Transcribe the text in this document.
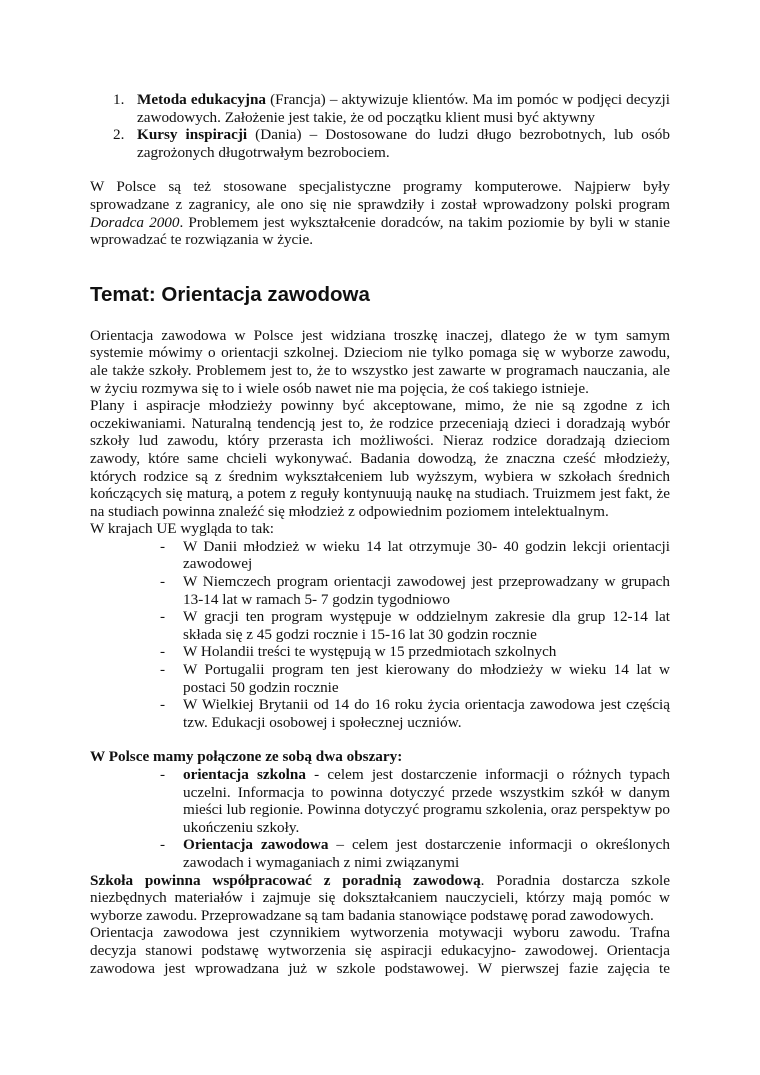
1. Metoda edukacyjna (Francja) – aktywizuje klientów. Ma im pomóc w podjęci decyzji zawodowych. Założenie jest takie, że od początku klient musi być aktywny
2. Kursy inspiracji (Dania) – Dostosowane do ludzi długo bezrobotnych, lub osób zagrożonych długotrwałym bezrobociem.

W Polsce są też stosowane specjalistyczne programy komputerowe. Najpierw były sprowadzane z zagranicy, ale ono się nie sprawdziły i został wprowadzony polski program Doradca 2000. Problemem jest wykształcenie doradców, na takim poziomie by byli w stanie wprowadzać te rozwiązania w życie.

Temat: Orientacja zawodowa

Orientacja zawodowa w Polsce jest widziana troszkę inaczej, dlatego że w tym samym systemie mówimy o orientacji szkolnej. Dzieciom nie tylko pomaga się w wyborze zawodu, ale także szkoły. Problemem jest to, że to wszystko jest zawarte w programach nauczania, ale w życiu rozmywa się to i wiele osób nawet nie ma pojęcia, że coś takiego istnieje.

Plany i aspiracje młodzieży powinny być akceptowane, mimo, że nie są zgodne z ich oczekiwaniami. Naturalną tendencją jest to, że rodzice przeceniają dzieci i doradzają wybór szkoły lud zawodu, który przerasta ich możliwości. Nieraz rodzice doradzają dzieciom zawody, które same chcieli wykonywać. Badania dowodzą, że znaczna cześć młodzieży, których rodzice są z średnim wykształceniem lub wyższym, wybiera w szkołach średnich kończących się maturą, a potem z reguły kontynuują naukę na studiach. Truizmem jest fakt, że na studiach powinna znaleźć się młodzież z odpowiednim poziomem intelektualnym.

W krajach UE wygląda to tak:

- W Danii młodzież w wieku 14 lat otrzymuje 30- 40 godzin lekcji orientacji zawodowej
- W Niemczech program orientacji zawodowej jest przeprowadzany w grupach 13-14 lat w ramach 5- 7 godzin tygodniowo
- W gracji ten program występuje w oddzielnym zakresie dla grup 12-14 lat składa się z 45 godzi rocznie i 15-16 lat 30 godzin rocznie
- W Holandii treści te występują w 15 przedmiotach szkolnych
- W Portugalii program ten jest kierowany do młodzieży w wieku 14 lat w postaci 50 godzin rocznie
- W Wielkiej Brytanii od 14 do 16 roku życia orientacja zawodowa jest częścią tzw. Edukacji osobowej i społecznej uczniów.

W Polsce mamy połączone ze sobą dwa obszary:

- orientacja szkolna - celem jest dostarczenie informacji o różnych typach uczelni. Informacja to powinna dotyczyć przede wszystkim szkół w danym mieści lub regionie. Powinna dotyczyć programu szkolenia, oraz perspektyw po ukończeniu szkoły.
- Orientacja zawodowa – celem jest dostarczenie informacji o określonych zawodach i wymaganiach z nimi związanymi

Szkoła powinna współpracować z poradnią zawodową. Poradnia dostarcza szkole niezbędnych materiałów i zajmuje się dokształcaniem nauczycieli, którzy mają pomóc w wyborze zawodu. Przeprowadzane są tam badania stanowiące podstawę porad zawodowych.

Orientacja zawodowa jest czynnikiem wytworzenia motywacji wyboru zawodu. Trafna decyzja stanowi podstawę wytworzenia się aspiracji edukacyjno- zawodowej. Orientacja zawodowa jest wprowadzana już w szkole podstawowej. W pierwszej fazie zajęcia te
